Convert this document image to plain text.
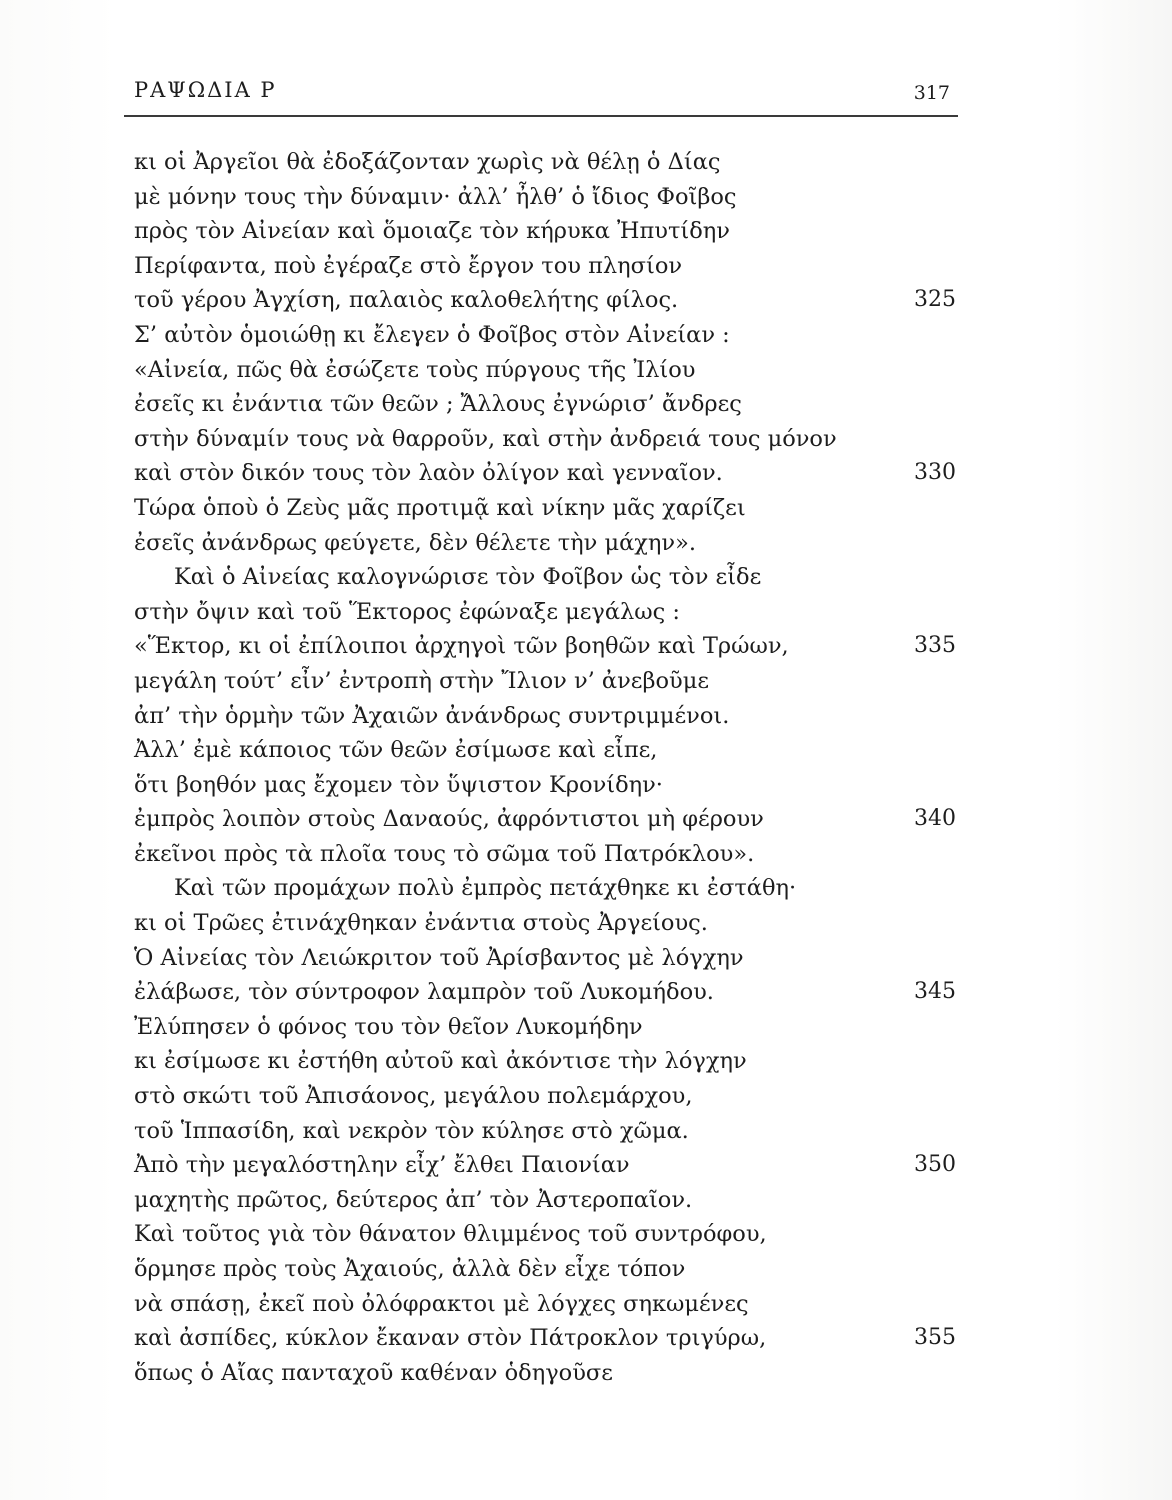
ΡΑΨΩΔΙΑ Ρ	317
κι οἱ Ἀργεῖοι θὰ ἐδοξάζονταν χωρὶς νὰ θέλῃ ὁ Δίας
μὲ μόνην τους τὴν δύναμιν· ἀλλ’ ἦλθ’ ὁ ἴδιος Φοῖβος
πρὸς τὸν Αἰνείαν καὶ ὅμοιαζε τὸν κήρυκα Ἠπυτίδην
Περίφαντα, ποὺ ἐγέραζε στὸ ἔργον του πλησίον
τοῦ γέρου Ἀγχίση, παλαιὸς καλοθελήτης φίλος.	325
Σ’ αὐτὸν ὁμοιώθῃ κι ἔλεγεν ὁ Φοῖβος στὸν Αἰνείαν :
«Αἰνεία, πῶς θὰ ἐσώζετε τοὺς πύργους τῆς Ἰλίου
ἐσεῖς κι ἐνάντια τῶν θεῶν ; Ἄλλους ἐγνώρισ’ ἄνδρες
στὴν δύναμίν τους νὰ θαρροῦν, καὶ στὴν ἀνδρειά τους μόνον
καὶ στὸν δικόν τους τὸν λαὸν ὀλίγον καὶ γενναῖον.	330
Τώρα ὁποὺ ὁ Ζεὺς μᾶς προτιμᾷ καὶ νίκην μᾶς χαρίζει
ἐσεῖς ἀνάνδρως φεύγετε, δὲν θέλετε τὴν μάχην».
Καὶ ὁ Αἰνείας καλογνώρισε τὸν Φοῖβον ὡς τὸν εἶδε
στὴν ὄψιν καὶ τοῦ Ἕκτορος ἐφώναξε μεγάλως :
«Ἕκτορ, κι οἱ ἐπίλοιποι ἀρχηγοὶ τῶν βοηθῶν καὶ Τρώων,	335
μεγάλη τούτ’ εἶν’ ἐντροπὴ στὴν Ἴλιον ν’ ἀνεβοῦμε
ἀπ’ τὴν ὁρμὴν τῶν Ἀχαιῶν ἀνάνδρως συντριμμένοι.
Ἀλλ’ ἐμὲ κάποιος τῶν θεῶν ἐσίμωσε καὶ εἶπε,
ὅτι βοηθόν μας ἔχομεν τὸν ὕψιστον Κρονίδην·
ἐμπρὸς λοιπὸν στοὺς Δαναούς, ἀφρόντιστοι μὴ φέρουν	340
ἐκεῖνοι πρὸς τὰ πλοῖα τους τὸ σῶμα τοῦ Πατρόκλου».
Καὶ τῶν προμάχων πολὺ ἐμπρὸς πετάχθηκε κι ἐστάθη·
κι οἱ Τρῶες ἐτινάχθηκαν ἐνάντια στοὺς Ἀργείους.
Ὁ Αἰνείας τὸν Λειώκριτον τοῦ Ἀρίσβαντος μὲ λόγχην
ἐλάβωσε, τὸν σύντροφον λαμπρὸν τοῦ Λυκομήδου.	345
Ἐλύπησεν ὁ φόνος του τὸν θεῖον Λυκομήδην
κι ἐσίμωσε κι ἐστήθη αὐτοῦ καὶ ἀκόντισε τὴν λόγχην
στὸ σκώτι τοῦ Ἀπισάονος, μεγάλου πολεμάρχου,
τοῦ Ἱππασίδη, καὶ νεκρὸν τὸν κύλησε στὸ χῶμα.
Ἀπὸ τὴν μεγαλόστηλην εἶχ’ ἔλθει Παιονίαν	350
μαχητὴς πρῶτος, δεύτερος ἀπ’ τὸν Ἀστεροπαῖον.
Καὶ τοῦτος γιὰ τὸν θάνατον θλιμμένος τοῦ συντρόφου,
ὅρμησε πρὸς τοὺς Ἀχαιούς, ἀλλὰ δὲν εἶχε τόπον
νὰ σπάσῃ, ἐκεῖ ποὺ ὀλόφρακτοι μὲ λόγχες σηκωμένες
καὶ ἀσπίδες, κύκλον ἔκαναν στὸν Πάτροκλον τριγύρω,	355
ὅπως ὁ Αἴας πανταχοῦ καθέναν ὁδηγοῦσε
